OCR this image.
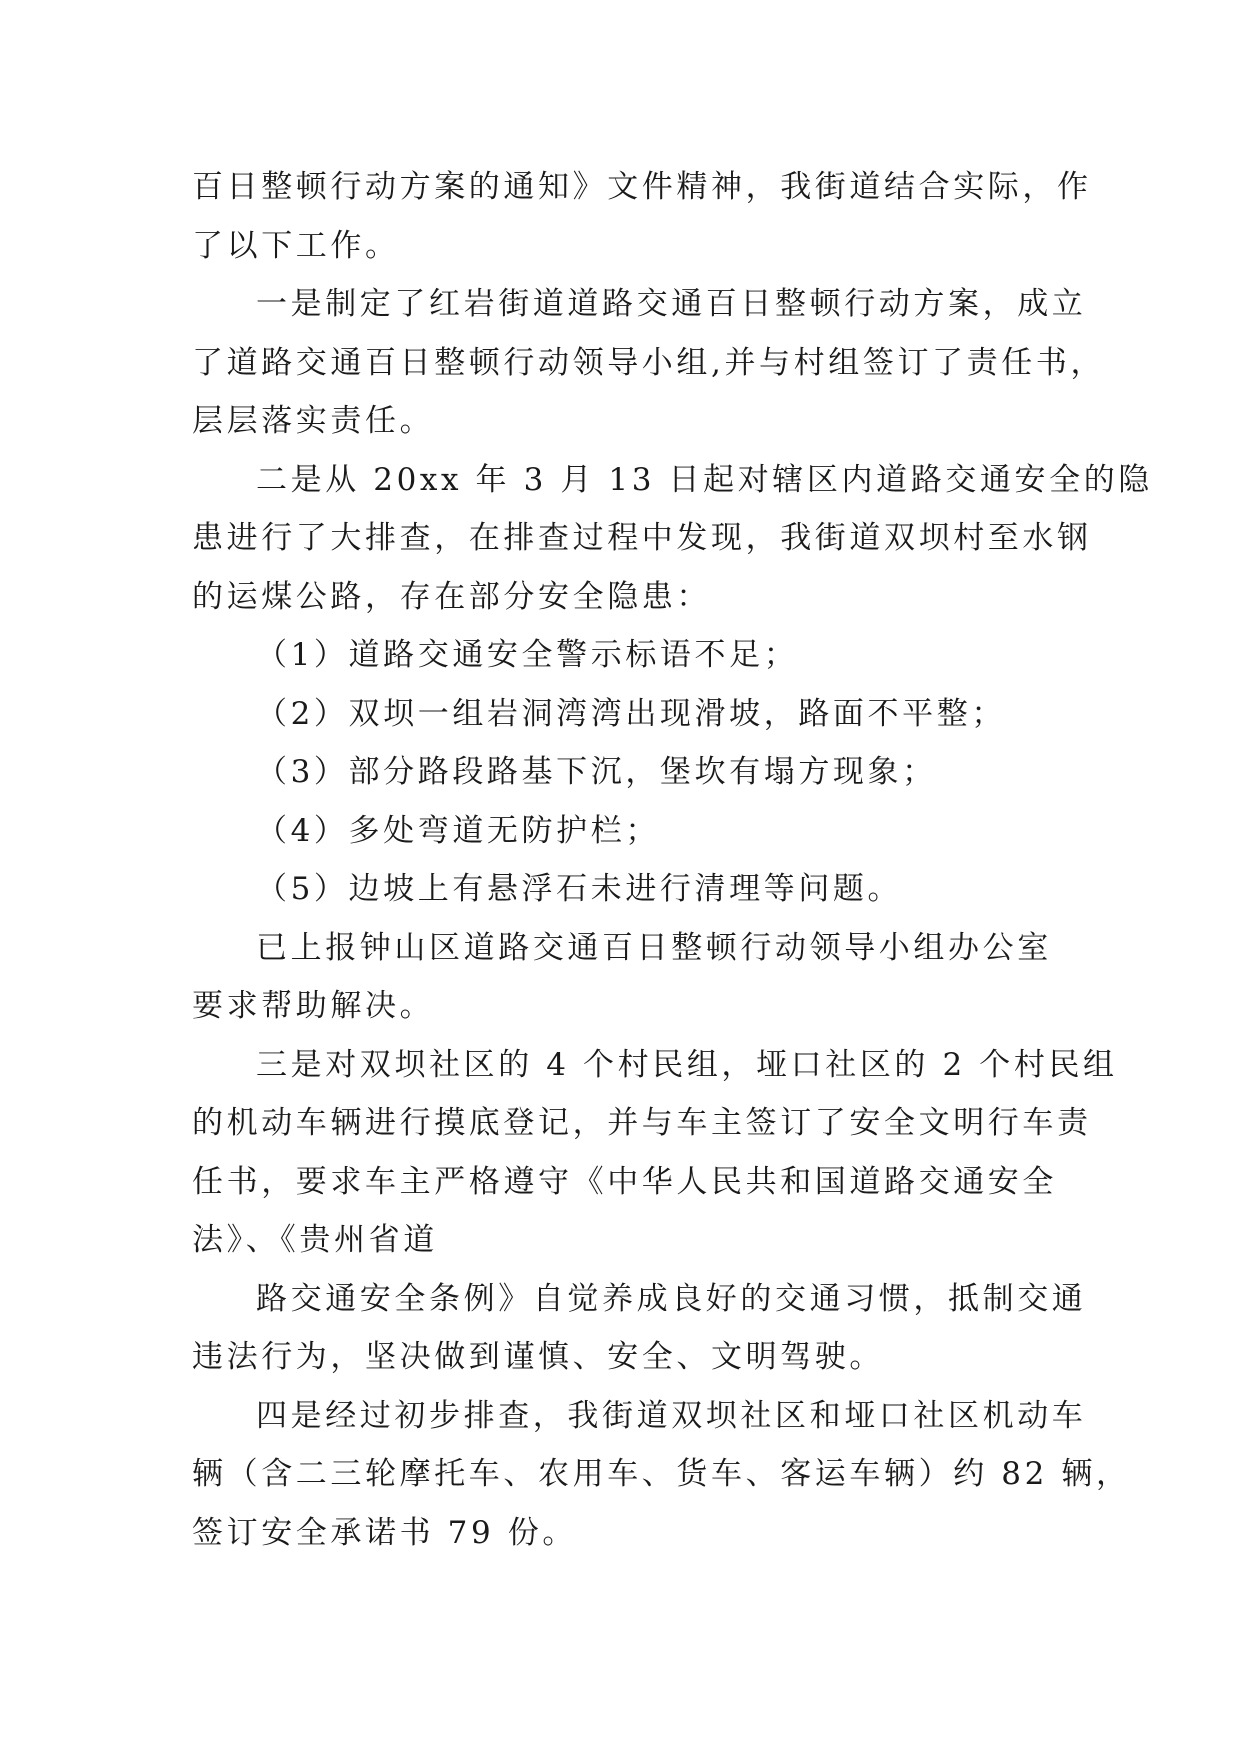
百日整顿行动方案的通知》文件精神，我街道结合实际，作
了以下工作。
一是制定了红岩街道道路交通百日整顿行动方案，成立
了道路交通百日整顿行动领导小组,并与村组签订了责任书，
层层落实责任。
二是从 20xx 年 3 月 13 日起对辖区内道路交通安全的隐
患进行了大排查，在排查过程中发现，我街道双坝村至水钢
的运煤公路，存在部分安全隐患：
（1）道路交通安全警示标语不足；
（2）双坝一组岩洞湾湾出现滑坡，路面不平整；
（3）部分路段路基下沉，堡坎有塌方现象；
（4）多处弯道无防护栏；
（5）边坡上有悬浮石未进行清理等问题。
已上报钟山区道路交通百日整顿行动领导小组办公室
要求帮助解决。
三是对双坝社区的 4 个村民组，垭口社区的 2 个村民组
的机动车辆进行摸底登记，并与车主签订了安全文明行车责
任书，要求车主严格遵守《中华人民共和国道路交通安全
法》、《贵州省道
路交通安全条例》自觉养成良好的交通习惯，抵制交通
违法行为，坚决做到谨慎、安全、文明驾驶。
四是经过初步排查，我街道双坝社区和垭口社区机动车
辆（含二三轮摩托车、农用车、货车、客运车辆）约 82 辆，
签订安全承诺书 79 份。
